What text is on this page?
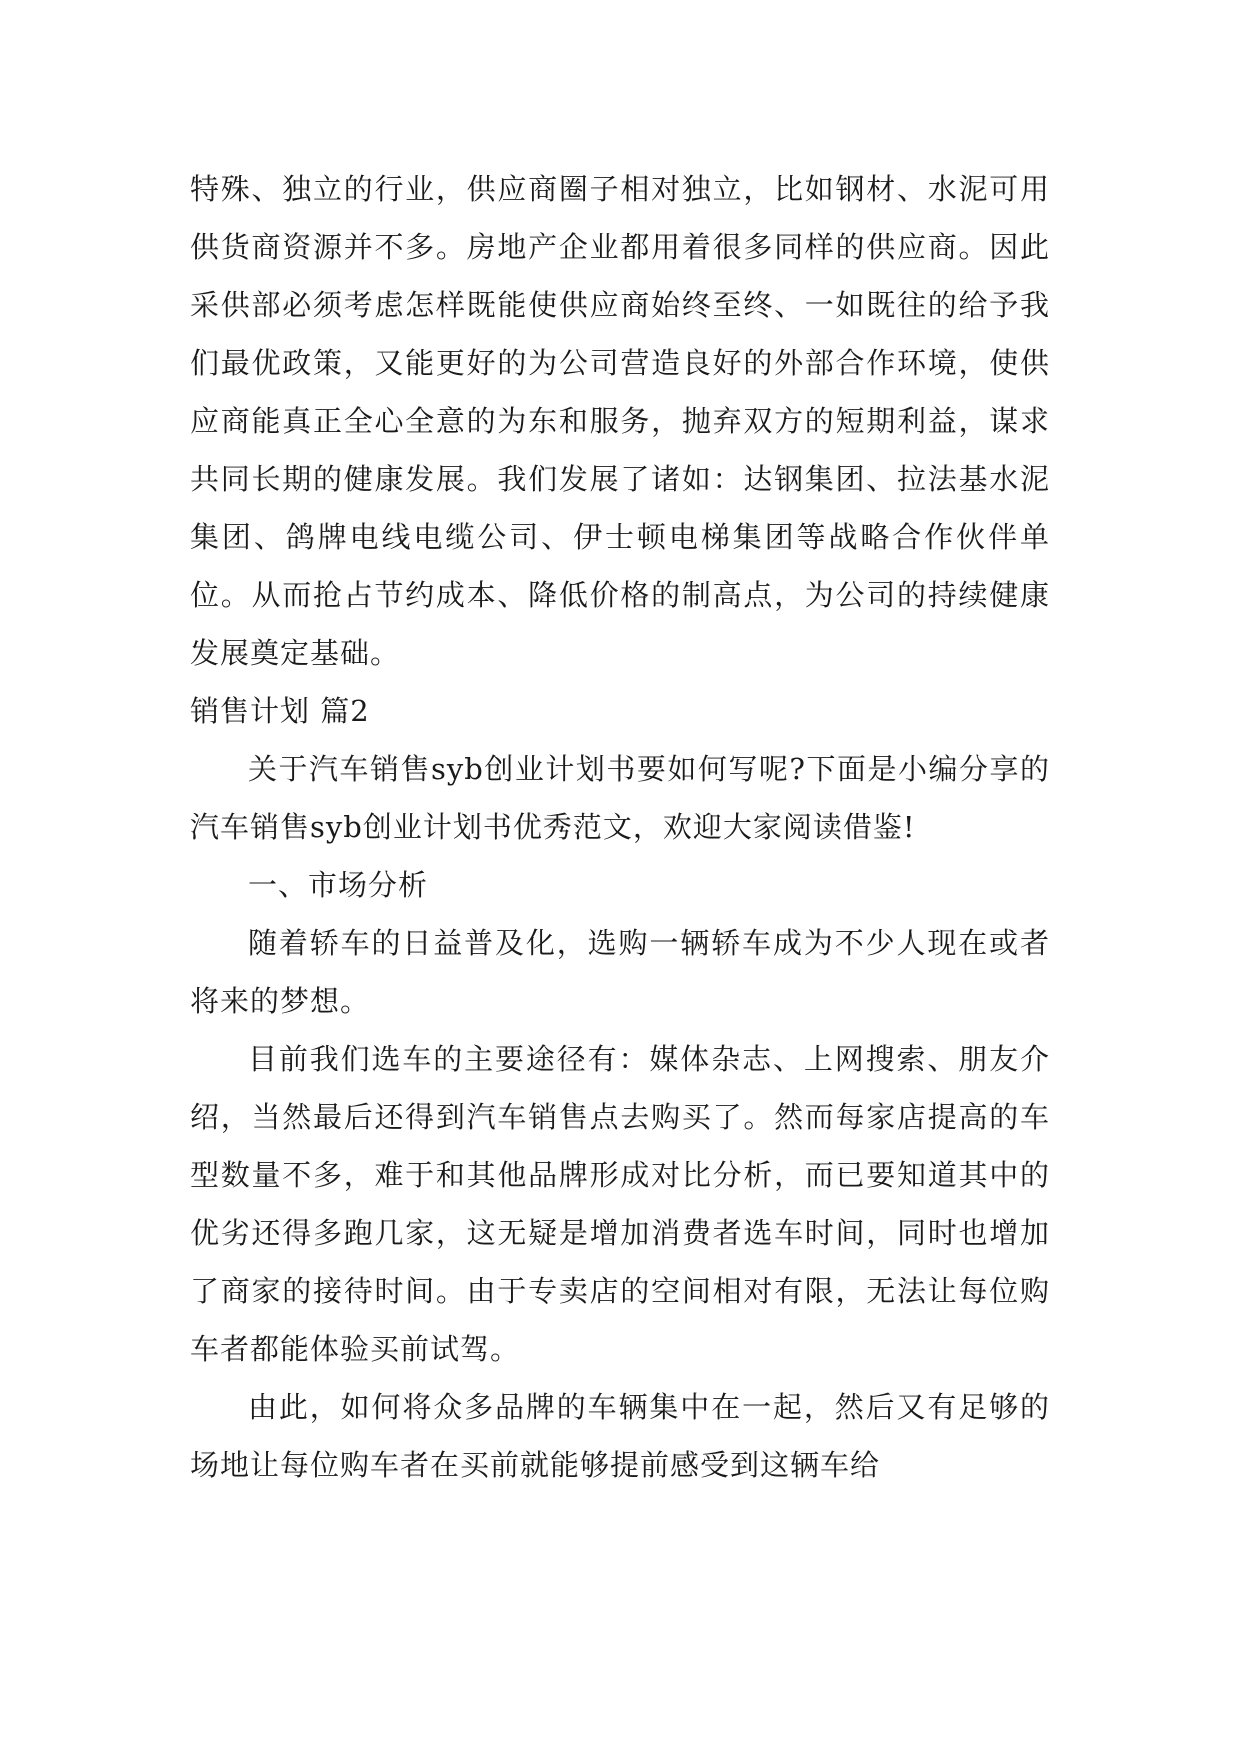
特殊、独立的行业，供应商圈子相对独立，比如钢材、水泥可用供货商资源并不多。房地产企业都用着很多同样的供应商。因此采供部必须考虑怎样既能使供应商始终至终、一如既往的给予我们最优政策，又能更好的为公司营造良好的外部合作环境，使供应商能真正全心全意的为东和服务，抛弃双方的短期利益，谋求共同长期的健康发展。我们发展了诸如：达钢集团、拉法基水泥集团、鸽牌电线电缆公司、伊士顿电梯集团等战略合作伙伴单位。从而抢占节约成本、降低价格的制高点，为公司的持续健康发展奠定基础。

销售计划 篇2

关于汽车销售syb创业计划书要如何写呢?下面是小编分享的汽车销售syb创业计划书优秀范文，欢迎大家阅读借鉴!

一、市场分析

随着轿车的日益普及化，选购一辆轿车成为不少人现在或者将来的梦想。

目前我们选车的主要途径有：媒体杂志、上网搜索、朋友介绍，当然最后还得到汽车销售点去购买了。然而每家店提高的车型数量不多，难于和其他品牌形成对比分析，而已要知道其中的优劣还得多跑几家，这无疑是增加消费者选车时间，同时也增加了商家的接待时间。由于专卖店的空间相对有限，无法让每位购车者都能体验买前试驾。

由此，如何将众多品牌的车辆集中在一起，然后又有足够的场地让每位购车者在买前就能够提前感受到这辆车给
